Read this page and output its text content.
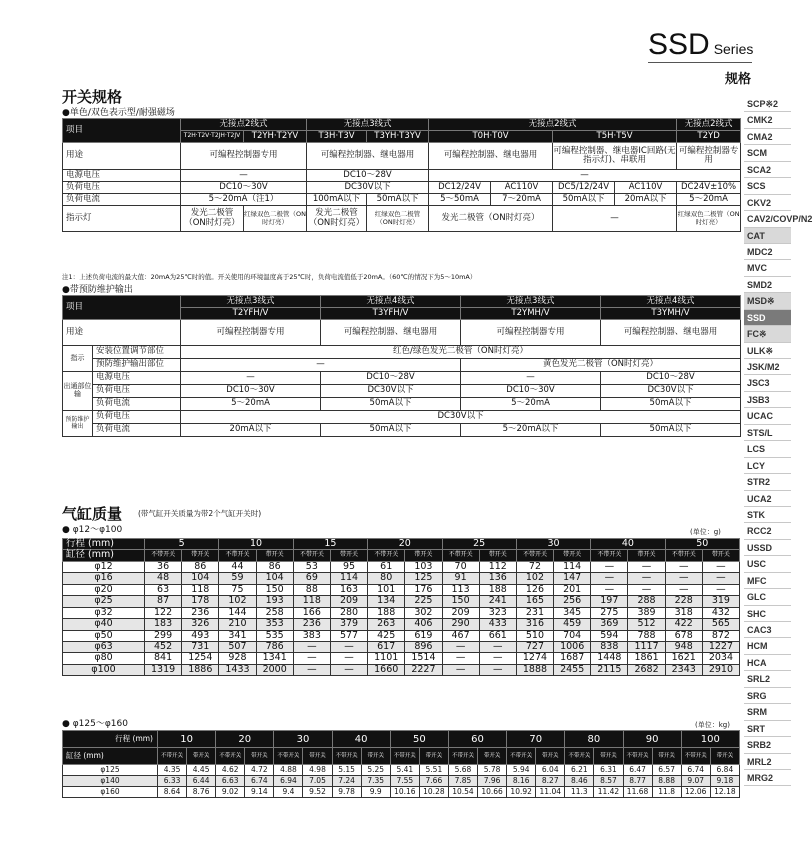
SSD Series
规格
SCP※2
CMK2
CMA2
SCM
SCA2
SCS
CKV2
CAV2/COVP/N2
CAT
MDC2
MVC
SMD2
MSD※
SSD
FC※
ULK※
JSK/M2
JSC3
JSB3
UCAC
STS/L
LCS
LCY
STR2
UCA2
STK
RCC2
USSD
USC
MFC
GLC
SHC
CAC3
HCM
HCA
SRL2
SRG
SRM
SRT
SRB2
MRL2
MRG2
开关规格
●单色/双色表示型/耐强磁场
项目	无接点2线式		无接点3线式		无接点2线式				无接点2线式
	T2H·T2V·T2JH·T2JV	T2YH·T2YV	T3H·T3V	T3YH·T3YV	T0H·T0V		T5H·T5V		T2YD
用途	可编程控制器专用		可编程控制器、继电器用		可编程控制器、继电器用		可编程控制器、继电器IC回路(无指示灯)、串联用		可编程控制器专用
电源电压	—		DC10～28V		—				
负荷电压	DC10～30V		DC30V以下		DC12/24V	AC110V	DC5/12/24V	AC110V	DC24V±10%
负荷电流	5～20mA（注1）		100mA以下	50mA以下	5～50mA	7～20mA	50mA以下	20mA以下	5～20mA
指示灯	发光二极管（ON时灯亮）	红绿双色二极管（ON时灯亮）	发光二极管（ON时灯亮）	红绿双色二极管（ON时灯亮）	发光二极管（ON时灯亮）		—		红绿双色二极管（ON时灯亮）
注1：上述负荷电流的最大值：20mA为25℃时的值。开关使用的环境温度高于25℃时，负荷电流值低于20mA。（60℃的情况下为5～10mA）
●带预防维护输出
项目		无接点3线式	无接点4线式	无接点3线式	无接点4线式
		T2YFH/V	T3YFH/V	T2YMH/V	T3YMH/V
用途		可编程控制器专用	可编程控制器、继电器用	可编程控制器专用	可编程控制器、继电器用
指示	安装位置调节部位	红色/绿色发光二极管（ON时灯亮）			
	预防维护输出部位	—		黄色发光二极管（ON时灯亮）	
出通部位输	电源电压	—	DC10～28V	—	DC10～28V
	负荷电压	DC10～30V	DC30V以下	DC10～30V	DC30V以下
	负荷电流	5～20mA	50mA以下	5～20mA	50mA以下
预防维护输出	负荷电压	DC30V以下			
	负荷电流	20mA以下	50mA以下	5～20mA以下	50mA以下
气缸质量 (带气缸开关质量为带2个气缸开关时)
● φ12～φ100	(单位：g)
行程 (mm)	5		10		15		20		25		30		40		50	
缸径 (mm)	不带开关	带开关	不带开关	带开关	不带开关	带开关	不带开关	带开关	不带开关	带开关	不带开关	带开关	不带开关	带开关	不带开关	带开关
φ12	36	86	44	86	53	95	61	103	70	112	72	114	—	—	—	—
φ16	48	104	59	104	69	114	80	125	91	136	102	147	—	—	—	—
φ20	63	118	75	150	88	163	101	176	113	188	126	201	—	—	—	—
φ25	87	178	102	193	118	209	134	225	150	241	165	256	197	288	228	319
φ32	122	236	144	258	166	280	188	302	209	323	231	345	275	389	318	432
φ40	183	326	210	353	236	379	263	406	290	433	316	459	369	512	422	565
φ50	299	493	341	535	383	577	425	619	467	661	510	704	594	788	678	872
φ63	452	731	507	786	—	—	617	896	—	—	727	1006	838	1117	948	1227
φ80	841	1254	928	1341	—	—	1101	1514	—	—	1274	1687	1448	1861	1621	2034
φ100	1319	1886	1433	2000	—	—	1660	2227	—	—	1888	2455	2115	2682	2343	2910
● φ125～φ160	(单位：kg)
行程 (mm)	10		20		30		40		50		60		70		80		90		100	
缸径 (mm)	不带开关	带开关	不带开关	带开关	不带开关	带开关	不带开关	带开关	不带开关	带开关	不带开关	带开关	不带开关	带开关	不带开关	带开关	不带开关	带开关	不带开关	带开关
φ125	4.35	4.45	4.62	4.72	4.88	4.98	5.15	5.25	5.41	5.51	5.68	5.78	5.94	6.04	6.21	6.31	6.47	6.57	6.74	6.84
φ140	6.33	6.44	6.63	6.74	6.94	7.05	7.24	7.35	7.55	7.66	7.85	7.96	8.16	8.27	8.46	8.57	8.77	8.88	9.07	9.18
φ160	8.64	8.76	9.02	9.14	9.4	9.52	9.78	9.9	10.16	10.28	10.54	10.66	10.92	11.04	11.3	11.42	11.68	11.8	12.06	12.18
